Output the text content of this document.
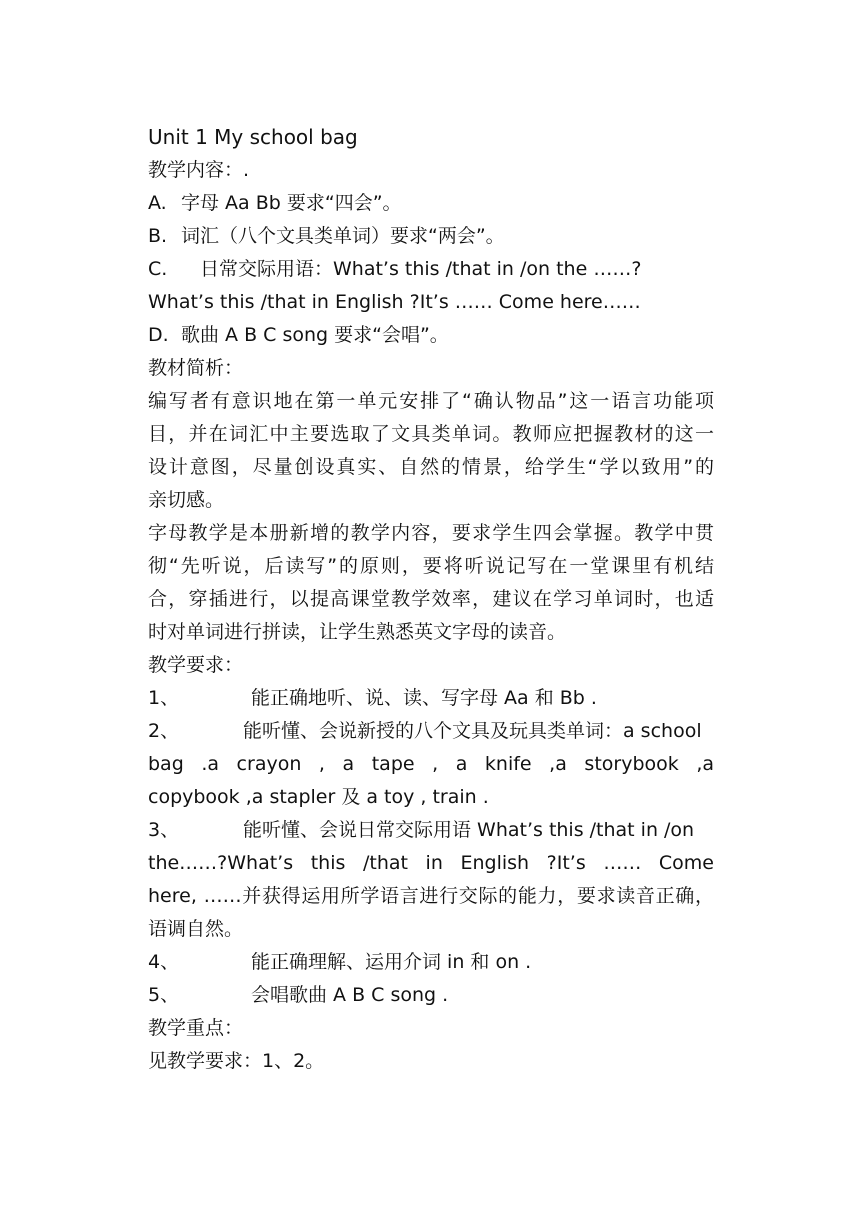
Unit 1 My school bag
教学内容：.
A. 字母 Aa Bb 要求“四会”。
B. 词汇（八个文具类单词）要求“两会”。
C. 日常交际用语：What’s this /that in /on the ……?
What’s this /that in English ?It’s …… Come here……
D. 歌曲 A B C song 要求“会唱”。
教材简析：
编写者有意识地在第一单元安排了“确认物品”这一语言功能项
目，并在词汇中主要选取了文具类单词。教师应把握教材的这一
设计意图，尽量创设真实、自然的情景，给学生“学以致用”的
亲切感。
字母教学是本册新增的教学内容，要求学生四会掌握。教学中贯
彻“先听说，后读写”的原则，要将听说记写在一堂课里有机结
合，穿插进行，以提高课堂教学效率，建议在学习单词时，也适
时对单词进行拼读，让学生熟悉英文字母的读音。
教学要求：
1、	能正确地听、说、读、写字母 Aa 和 Bb .
2、	能听懂、会说新授的八个文具及玩具类单词：a school
bag .a crayon , a tape , a knife ,a storybook ,a
copybook ,a stapler 及 a toy , train .
3、	能听懂、会说日常交际用语 What’s this /that in /on
the……?What’s this /that in English ?It’s …… Come
here, ……并获得运用所学语言进行交际的能力，要求读音正确，
语调自然。
4、	能正确理解、运用介词 in 和 on .
5、	会唱歌曲 A B C song .
教学重点：
见教学要求：1、2。
